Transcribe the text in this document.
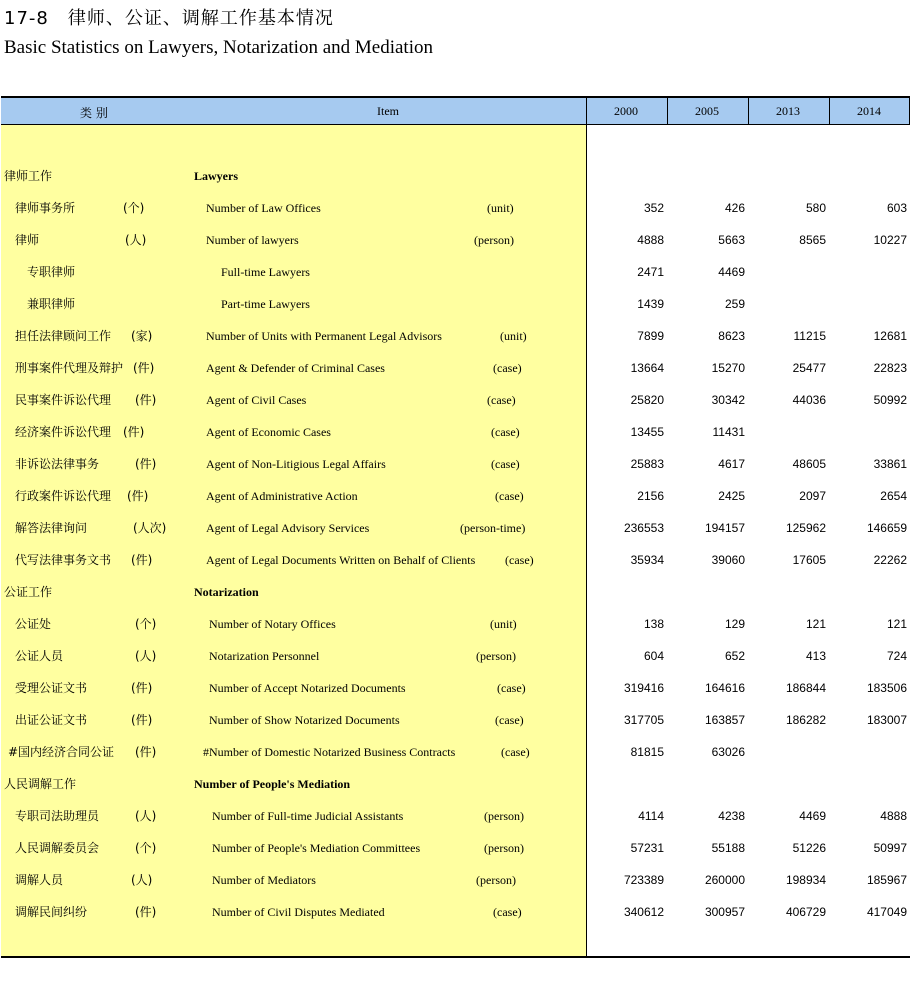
17-8　律师、公证、调解工作基本情况
Basic Statistics on Lawyers, Notarization and Mediation
类 别	Item	2000	2005	2013	2014
律师工作	Lawyers
律师事务所	(个)	Number of Law Offices	(unit)	352	426	580	603
律师	(人)	Number of lawyers	(person)	4888	5663	8565	10227
专职律师	Full-time Lawyers	2471	4469
兼职律师	Part-time Lawyers	1439	259
担任法律顾问工作 (家)	Number of Units with Permanent Legal Advisors	(unit)	7899	8623	11215	12681
刑事案件代理及辩护 (件)	Agent & Defender of Criminal Cases	(case)	13664	15270	25477	22823
民事案件诉讼代理 (件)	Agent of Civil Cases	(case)	25820	30342	44036	50992
经济案件诉讼代理 (件)	Agent of Economic Cases	(case)	13455	11431
非诉讼法律事务	(件)	Agent of Non-Litigious Legal Affairs	(case)	25883	4617	48605	33861
行政案件诉讼代理 (件)	Agent of Administrative Action	(case)	2156	2425	2097	2654
解答法律询问	(人次)	Agent of Legal Advisory Services	(person-time)	236553	194157	125962	146659
代写法律事务文书 (件)	Agent of Legal Documents Written on Behalf of Clients (case)	35934	39060	17605	22262
公证工作	Notarization
公证处	(个)	Number of Notary Offices	(unit)	138	129	121	121
公证人员	(人)	Notarization Personnel	(person)	604	652	413	724
受理公证文书	(件)	Number of Accept Notarized Documents	(case)	319416	164616	186844	183506
出证公证文书	(件)	Number of Show Notarized Documents	(case)	317705	163857	186282	183007
#国内经济合同公证 (件)	#Number of Domestic Notarized Business Contracts	(case)	81815	63026
人民调解工作	Number of People's Mediation
专职司法助理员	(人)	Number of Full-time Judicial Assistants	(person)	4114	4238	4469	4888
人民调解委员会	(个)	Number of People's Mediation Committees	(person)	57231	55188	51226	50997
调解人员	(人)	Number of Mediators	(person)	723389	260000	198934	185967
调解民间纠纷	(件)	Number of Civil Disputes Mediated	(case)	340612	300957	406729	417049
